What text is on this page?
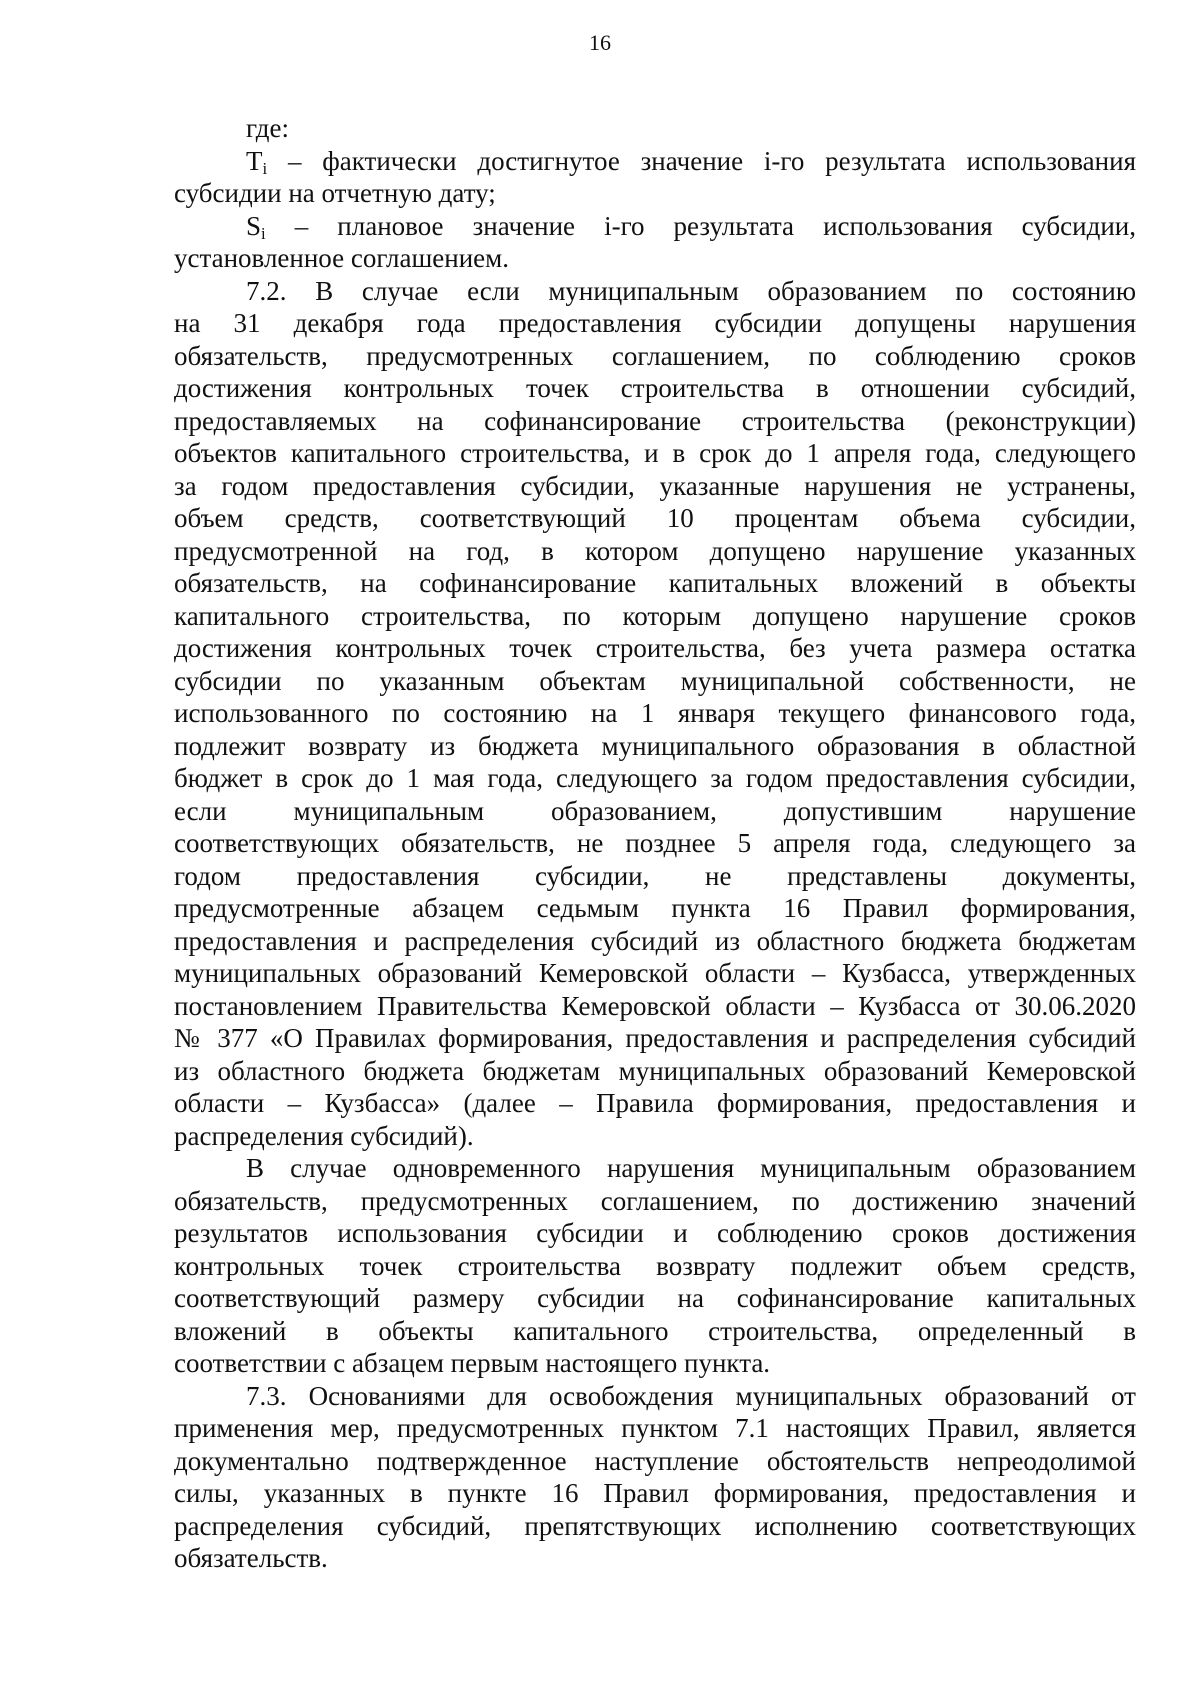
16
где:
$T_i$ – фактически достигнутое значение i-го результата использования
субсидии на отчетную дату;
$S_i$ – плановое значение i-го результата использования субсидии,
установленное соглашением.
7.2. В случае если муниципальным образованием по состоянию
на 31 декабря года предоставления субсидии допущены нарушения
обязательств, предусмотренных соглашением, по соблюдению сроков
достижения контрольных точек строительства в отношении субсидий,
предоставляемых на софинансирование строительства (реконструкции)
объектов капитального строительства, и в срок до 1 апреля года, следующего
за годом предоставления субсидии, указанные нарушения не устранены,
объем средств, соответствующий 10 процентам объема субсидии,
предусмотренной на год, в котором допущено нарушение указанных
обязательств, на софинансирование капитальных вложений в объекты
капитального строительства, по которым допущено нарушение сроков
достижения контрольных точек строительства, без учета размера остатка
субсидии по указанным объектам муниципальной собственности, не
использованного по состоянию на 1 января текущего финансового года,
подлежит возврату из бюджета муниципального образования в областной
бюджет в срок до 1 мая года, следующего за годом предоставления субсидии,
если муниципальным образованием, допустившим нарушение
соответствующих обязательств, не позднее 5 апреля года, следующего за
годом предоставления субсидии, не представлены документы,
предусмотренные абзацем седьмым пункта 16 Правил формирования,
предоставления и распределения субсидий из областного бюджета бюджетам
муниципальных образований Кемеровской области – Кузбасса, утвержденных
постановлением Правительства Кемеровской области – Кузбасса от 30.06.2020
№ 377 «О Правилах формирования, предоставления и распределения субсидий
из областного бюджета бюджетам муниципальных образований Кемеровской
области – Кузбасса» (далее – Правила формирования, предоставления и
распределения субсидий).
В случае одновременного нарушения муниципальным образованием
обязательств, предусмотренных соглашением, по достижению значений
результатов использования субсидии и соблюдению сроков достижения
контрольных точек строительства возврату подлежит объем средств,
соответствующий размеру субсидии на софинансирование капитальных
вложений в объекты капитального строительства, определенный в
соответствии с абзацем первым настоящего пункта.
7.3. Основаниями для освобождения муниципальных образований от
применения мер, предусмотренных пунктом 7.1 настоящих Правил, является
документально подтвержденное наступление обстоятельств непреодолимой
силы, указанных в пункте 16 Правил формирования, предоставления и
распределения субсидий, препятствующих исполнению соответствующих
обязательств.
